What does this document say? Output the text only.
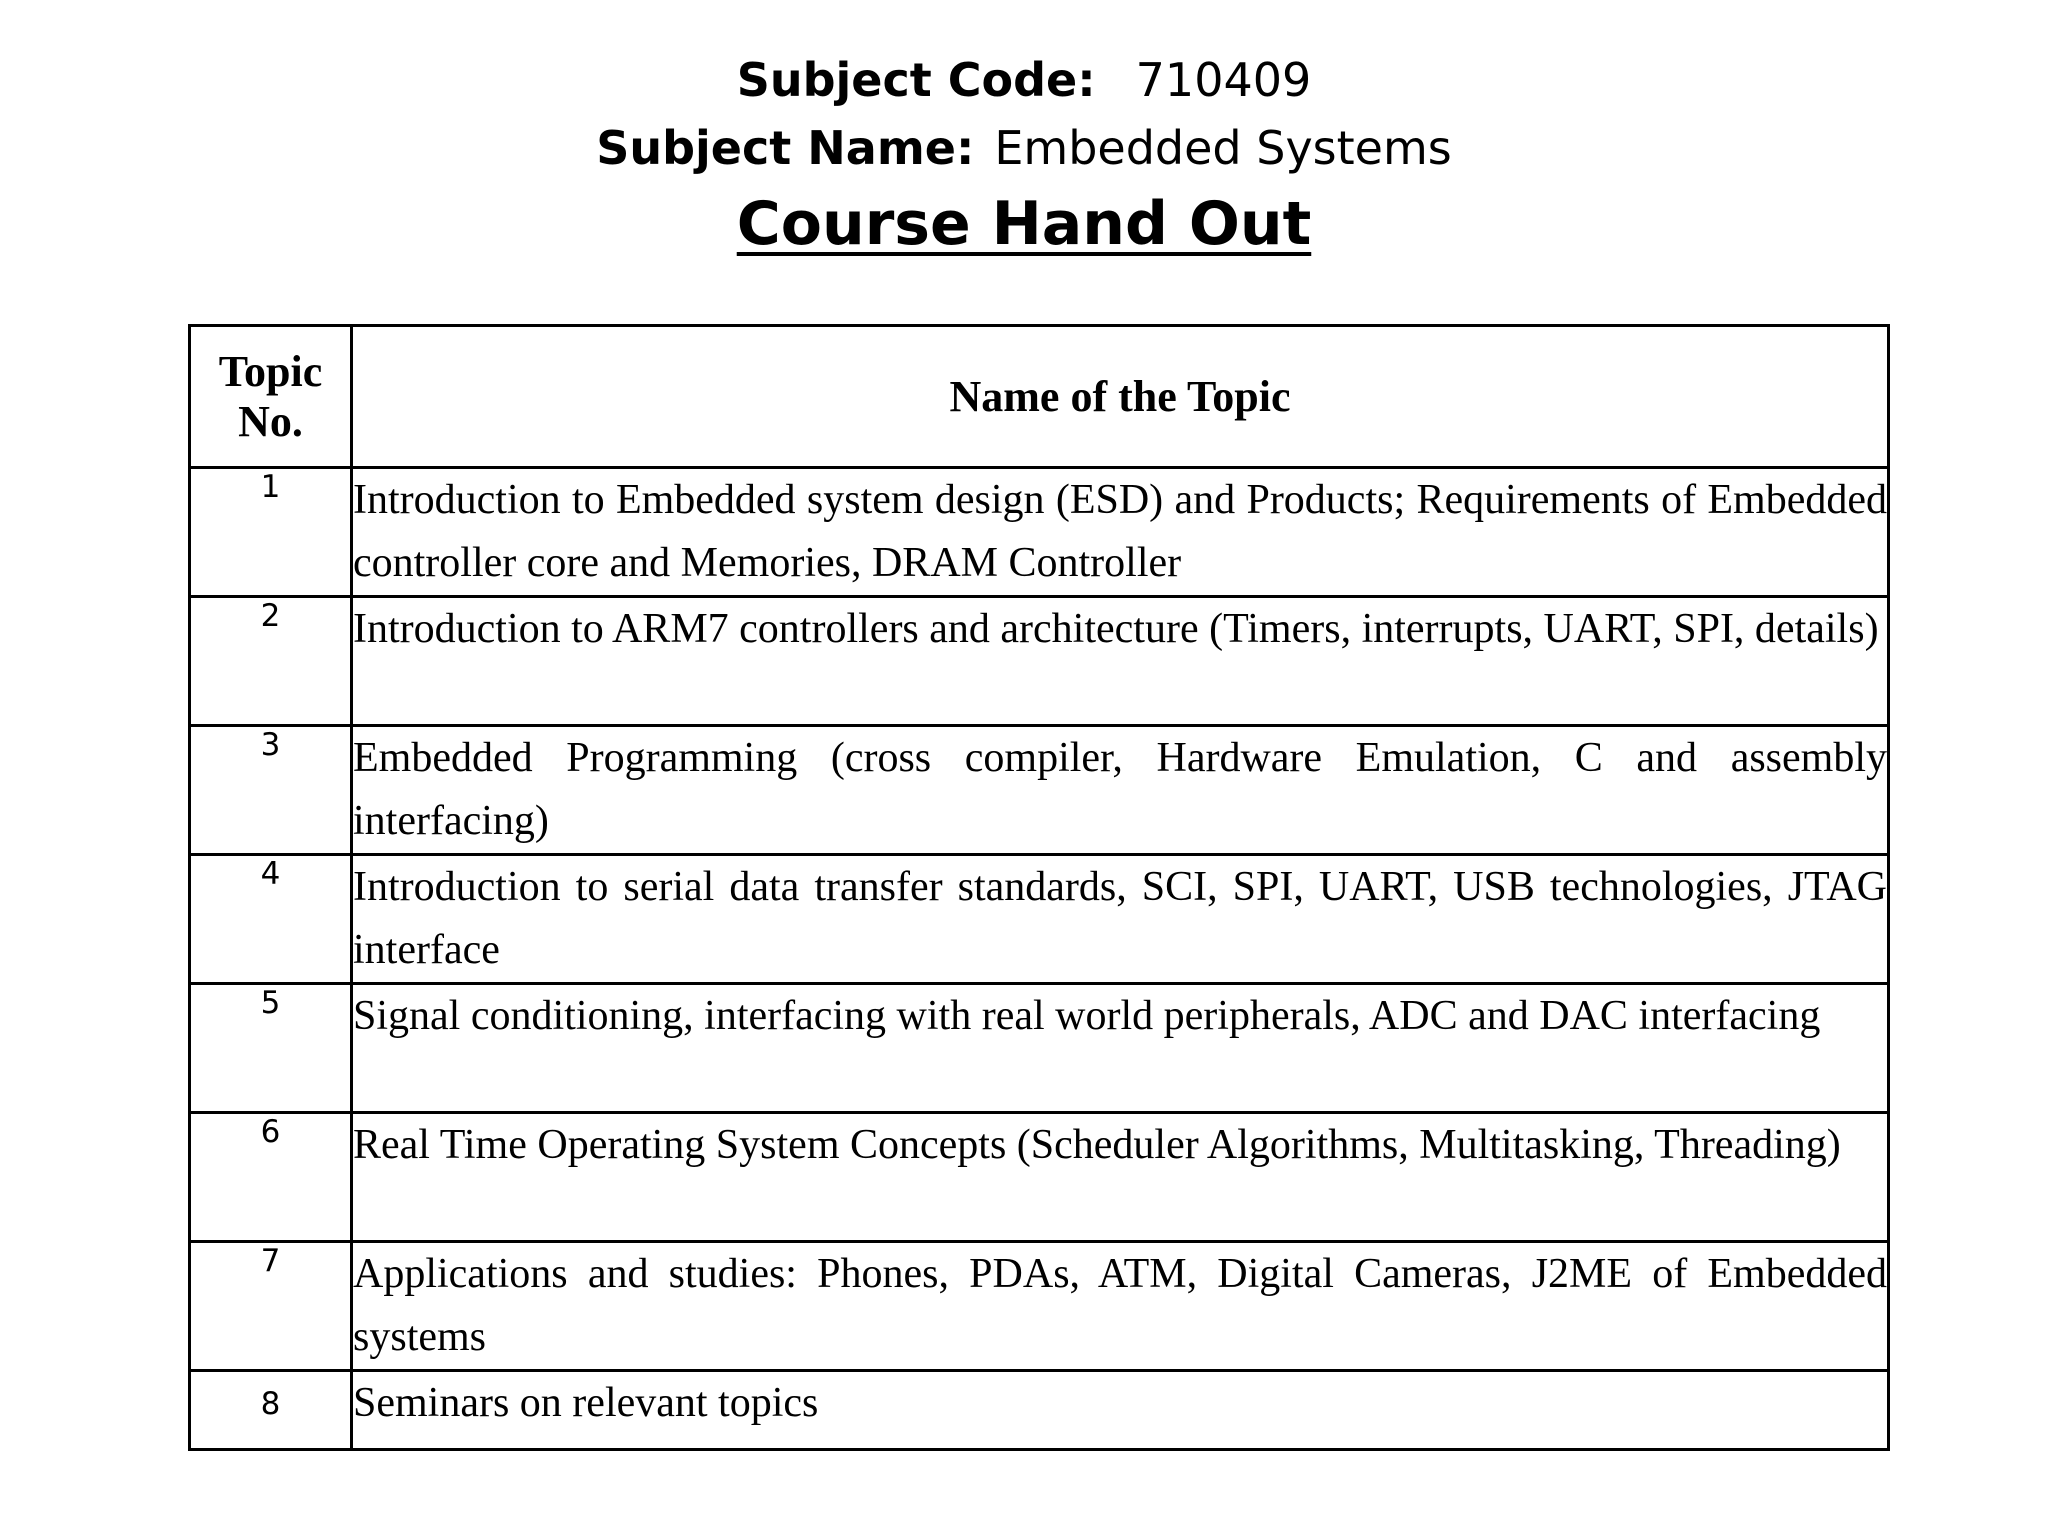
Subject Code: 710409
Subject Name: Embedded Systems
Course Hand Out
Topic
No.	Name of the Topic
1	Introduction to Embedded system design (ESD) and Products; Requirements of Embedded controller core and Memories, DRAM Controller
2	Introduction to ARM7 controllers and architecture (Timers, interrupts, UART, SPI, details)
3	Embedded Programming (cross compiler, Hardware Emulation, C and assembly interfacing)
4	Introduction to serial data transfer standards, SCI, SPI, UART, USB technologies, JTAG interface
5	Signal conditioning, interfacing with real world peripherals, ADC and DAC interfacing
6	Real Time Operating System Concepts (Scheduler Algorithms, Multitasking, Threading)
7	Applications and studies: Phones, PDAs, ATM, Digital Cameras, J2ME of Embedded systems
8	Seminars on relevant topics
